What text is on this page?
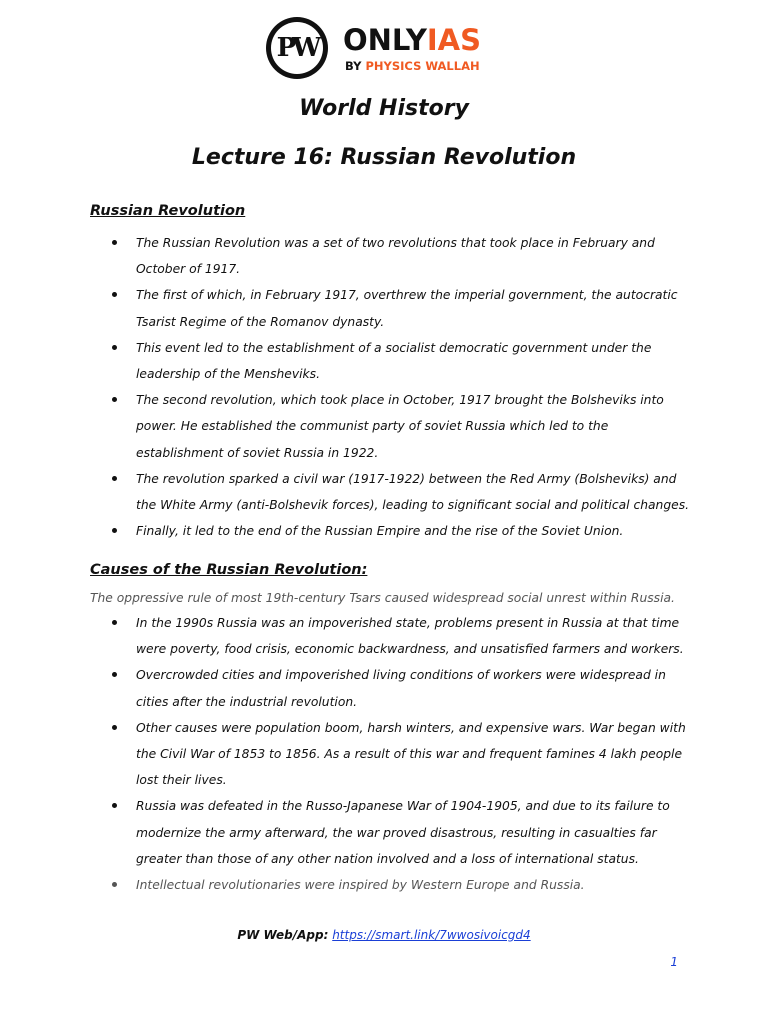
PW ONLYIAS
BY PHYSICS WALLAH
World History
Lecture 16: Russian Revolution
Russian Revolution
The Russian Revolution was a set of two revolutions that took place in February and October of 1917.
The first of which, in February 1917, overthrew the imperial government, the autocratic Tsarist Regime of the Romanov dynasty.
This event led to the establishment of a socialist democratic government under the leadership of the Mensheviks.
The second revolution, which took place in October, 1917 brought the Bolsheviks into power. He established the communist party of soviet Russia which led to the establishment of soviet Russia in 1922.
The revolution sparked a civil war (1917-1922) between the Red Army (Bolsheviks) and the White Army (anti-Bolshevik forces), leading to significant social and political changes.
Finally, it led to the end of the Russian Empire and the rise of the Soviet Union.
Causes of the Russian Revolution:
The oppressive rule of most 19th-century Tsars caused widespread social unrest within Russia.
In the 1990s Russia was an impoverished state, problems present in Russia at that time were poverty, food crisis, economic backwardness, and unsatisfied farmers and workers.
Overcrowded cities and impoverished living conditions of workers were widespread in cities after the industrial revolution.
Other causes were population boom, harsh winters, and expensive wars. War began with the Civil War of 1853 to 1856. As a result of this war and frequent famines 4 lakh people lost their lives.
Russia was defeated in the Russo-Japanese War of 1904-1905, and due to its failure to modernize the army afterward, the war proved disastrous, resulting in casualties far greater than those of any other nation involved and a loss of international status.
Intellectual revolutionaries were inspired by Western Europe and Russia.
PW Web/App: https://smart.link/7wwosivoicgd4
1
